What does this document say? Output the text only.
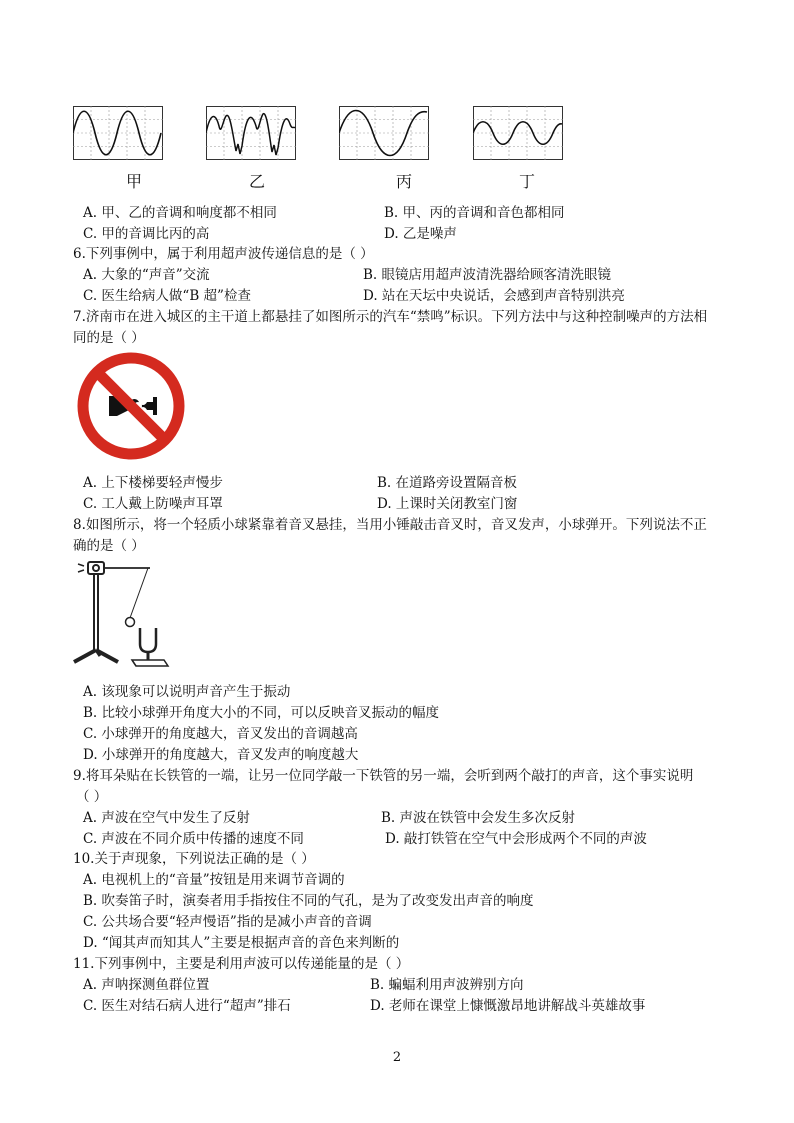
甲	乙	丙	丁
A. 甲、乙的音调和响度都不相同	B. 甲、丙的音调和音色都相同
C. 甲的音调比丙的高	D. 乙是噪声
6.下列事例中，属于利用超声波传递信息的是（ ）
A. 大象的“声音”交流	B. 眼镜店用超声波清洗器给顾客清洗眼镜
C. 医生给病人做“B 超”检查	D. 站在天坛中央说话，会感到声音特别洪亮
7.济南市在进入城区的主干道上都悬挂了如图所示的汽车“禁鸣”标识。下列方法中与这种控制噪声的方法相
同的是（ ）
A. 上下楼梯要轻声慢步	B. 在道路旁设置隔音板
C. 工人戴上防噪声耳罩	D. 上课时关闭教室门窗
8.如图所示，将一个轻质小球紧靠着音叉悬挂，当用小锤敲击音叉时，音叉发声，小球弹开。下列说法不正
确的是（ ）
A. 该现象可以说明声音产生于振动
B. 比较小球弹开角度大小的不同，可以反映音叉振动的幅度
C. 小球弹开的角度越大，音叉发出的音调越高
D. 小球弹开的角度越大，音叉发声的响度越大
9.将耳朵贴在长铁管的一端，让另一位同学敲一下铁管的另一端，会听到两个敲打的声音，这个事实说明
（ ）
A. 声波在空气中发生了反射	B. 声波在铁管中会发生多次反射
C. 声波在不同介质中传播的速度不同	D. 敲打铁管在空气中会形成两个不同的声波
10.关于声现象，下列说法正确的是（ ）
A. 电视机上的“音量”按钮是用来调节音调的
B. 吹奏笛子时，演奏者用手指按住不同的气孔，是为了改变发出声音的响度
C. 公共场合要“轻声慢语”指的是减小声音的音调
D. “闻其声而知其人”主要是根据声音的音色来判断的
11.下列事例中，主要是利用声波可以传递能量的是（ ）
A. 声呐探测鱼群位置	B. 蝙蝠利用声波辨别方向
C. 医生对结石病人进行“超声”排石	D. 老师在课堂上慷慨激昂地讲解战斗英雄故事
2
